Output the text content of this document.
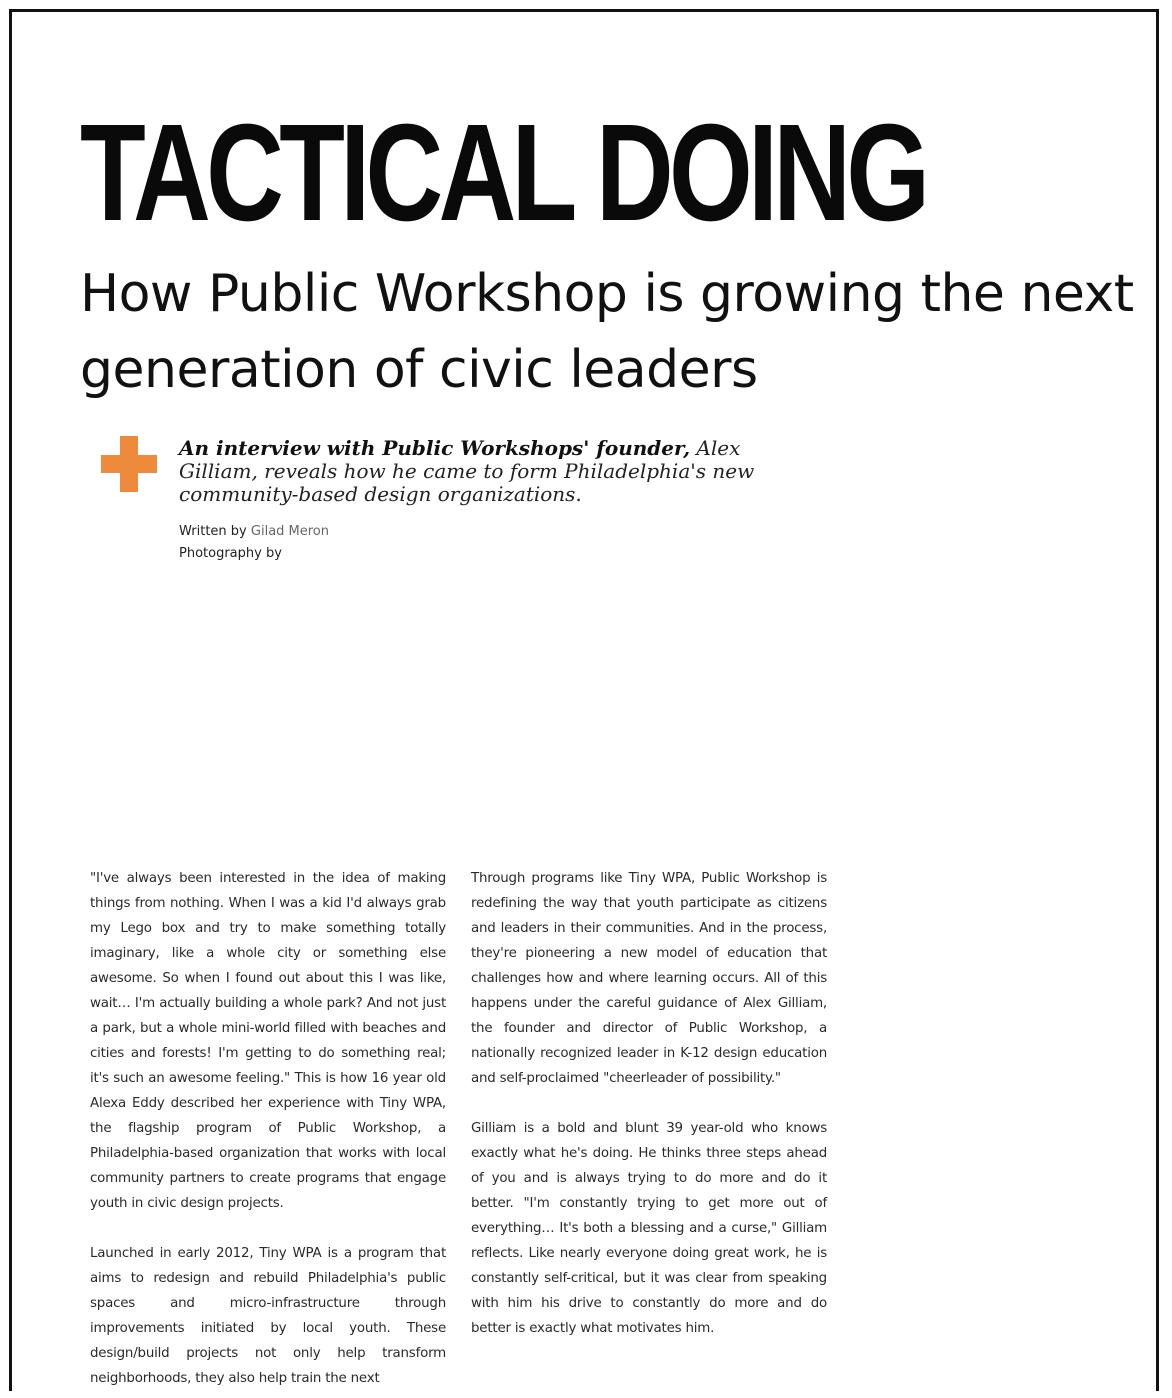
TACTICAL DOING
How Public Workshop is growing the next generation of civic leaders
An interview with Public Workshops' founder, Alex Gilliam, reveals how he came to form Philadelphia's new community-based design organizations.
Written by Gilad Meron
Photography by

"I've always been interested in the idea of making things from nothing. When I was a kid I'd always grab my Lego box and try to make something totally imaginary, like a whole city or something else awesome. So when I found out about this I was like, wait… I'm actually building a whole park? And not just a park, but a whole mini-world filled with beaches and cities and forests! I'm getting to do something real; it's such an awesome feeling." This is how 16 year old Alexa Eddy described her experience with Tiny WPA, the flagship program of Public Workshop, a Philadelphia-based organization that works with local community partners to create programs that engage youth in civic design projects.

Launched in early 2012, Tiny WPA is a program that aims to redesign and rebuild Philadelphia's public spaces and micro-infrastructure through improvements initiated by local youth. These design/build projects not only help transform neighborhoods, they also help train the next

Through programs like Tiny WPA, Public Workshop is redefining the way that youth participate as citizens and leaders in their communities. And in the process, they're pioneering a new model of education that challenges how and where learning occurs. All of this happens under the careful guidance of Alex Gilliam, the founder and director of Public Workshop, a nationally recognized leader in K-12 design education and self-proclaimed "cheerleader of possibility."

Gilliam is a bold and blunt 39 year-old who knows exactly what he's doing. He thinks three steps ahead of you and is always trying to do more and do it better. "I'm constantly trying to get more out of everything… It's both a blessing and a curse," Gilliam reflects. Like nearly everyone doing great work, he is constantly self-critical, but it was clear from speaking with him his drive to constantly do more and do better is exactly what motivates him.
